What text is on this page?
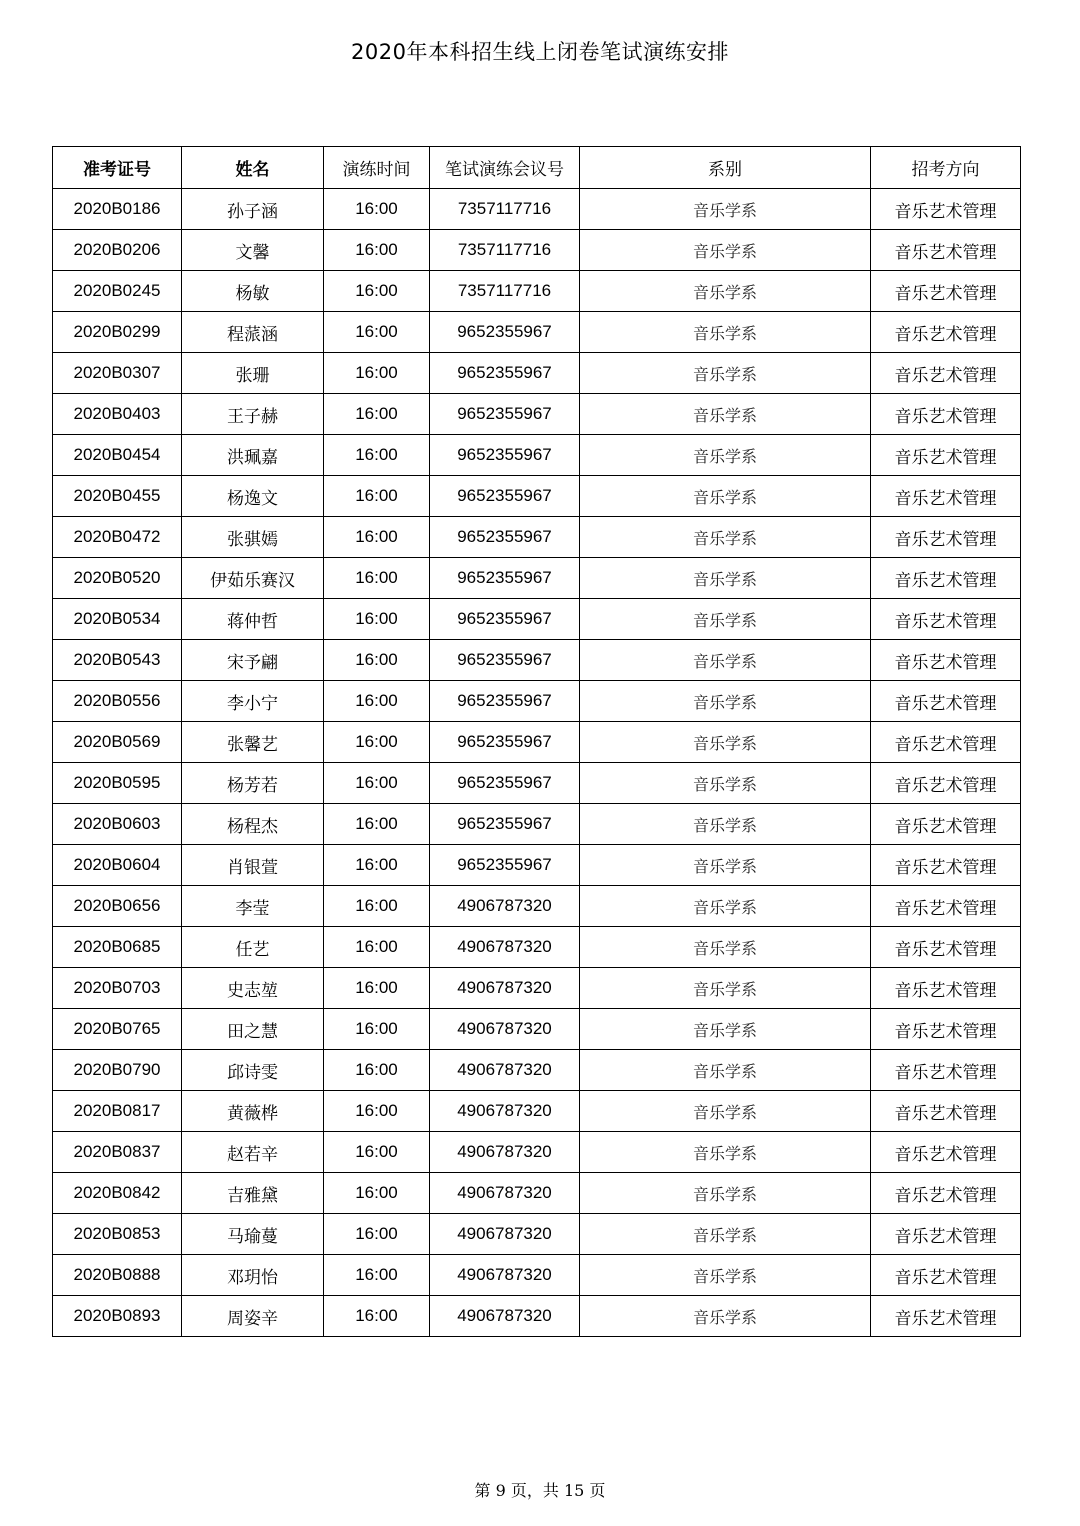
2020年本科招生线上闭卷笔试演练安排
准考证号	姓名	演练时间	笔试演练会议号	系别	招考方向
2020B0186	孙子涵	16:00	7357117716	音乐学系	音乐艺术管理
2020B0206	文馨	16:00	7357117716	音乐学系	音乐艺术管理
2020B0245	杨敏	16:00	7357117716	音乐学系	音乐艺术管理
2020B0299	程蒎涵	16:00	9652355967	音乐学系	音乐艺术管理
2020B0307	张珊	16:00	9652355967	音乐学系	音乐艺术管理
2020B0403	王子赫	16:00	9652355967	音乐学系	音乐艺术管理
2020B0454	洪珮嘉	16:00	9652355967	音乐学系	音乐艺术管理
2020B0455	杨逸文	16:00	9652355967	音乐学系	音乐艺术管理
2020B0472	张骐嫣	16:00	9652355967	音乐学系	音乐艺术管理
2020B0520	伊茹乐赛汉	16:00	9652355967	音乐学系	音乐艺术管理
2020B0534	蒋仲哲	16:00	9652355967	音乐学系	音乐艺术管理
2020B0543	宋予翩	16:00	9652355967	音乐学系	音乐艺术管理
2020B0556	李小宁	16:00	9652355967	音乐学系	音乐艺术管理
2020B0569	张馨艺	16:00	9652355967	音乐学系	音乐艺术管理
2020B0595	杨芳若	16:00	9652355967	音乐学系	音乐艺术管理
2020B0603	杨程杰	16:00	9652355967	音乐学系	音乐艺术管理
2020B0604	肖银萱	16:00	9652355967	音乐学系	音乐艺术管理
2020B0656	李莹	16:00	4906787320	音乐学系	音乐艺术管理
2020B0685	任艺	16:00	4906787320	音乐学系	音乐艺术管理
2020B0703	史志堃	16:00	4906787320	音乐学系	音乐艺术管理
2020B0765	田之慧	16:00	4906787320	音乐学系	音乐艺术管理
2020B0790	邱诗雯	16:00	4906787320	音乐学系	音乐艺术管理
2020B0817	黄薇桦	16:00	4906787320	音乐学系	音乐艺术管理
2020B0837	赵若辛	16:00	4906787320	音乐学系	音乐艺术管理
2020B0842	吉雅黛	16:00	4906787320	音乐学系	音乐艺术管理
2020B0853	马瑜蔓	16:00	4906787320	音乐学系	音乐艺术管理
2020B0888	邓玥怡	16:00	4906787320	音乐学系	音乐艺术管理
2020B0893	周姿辛	16:00	4906787320	音乐学系	音乐艺术管理
第 9 页，共 15 页
